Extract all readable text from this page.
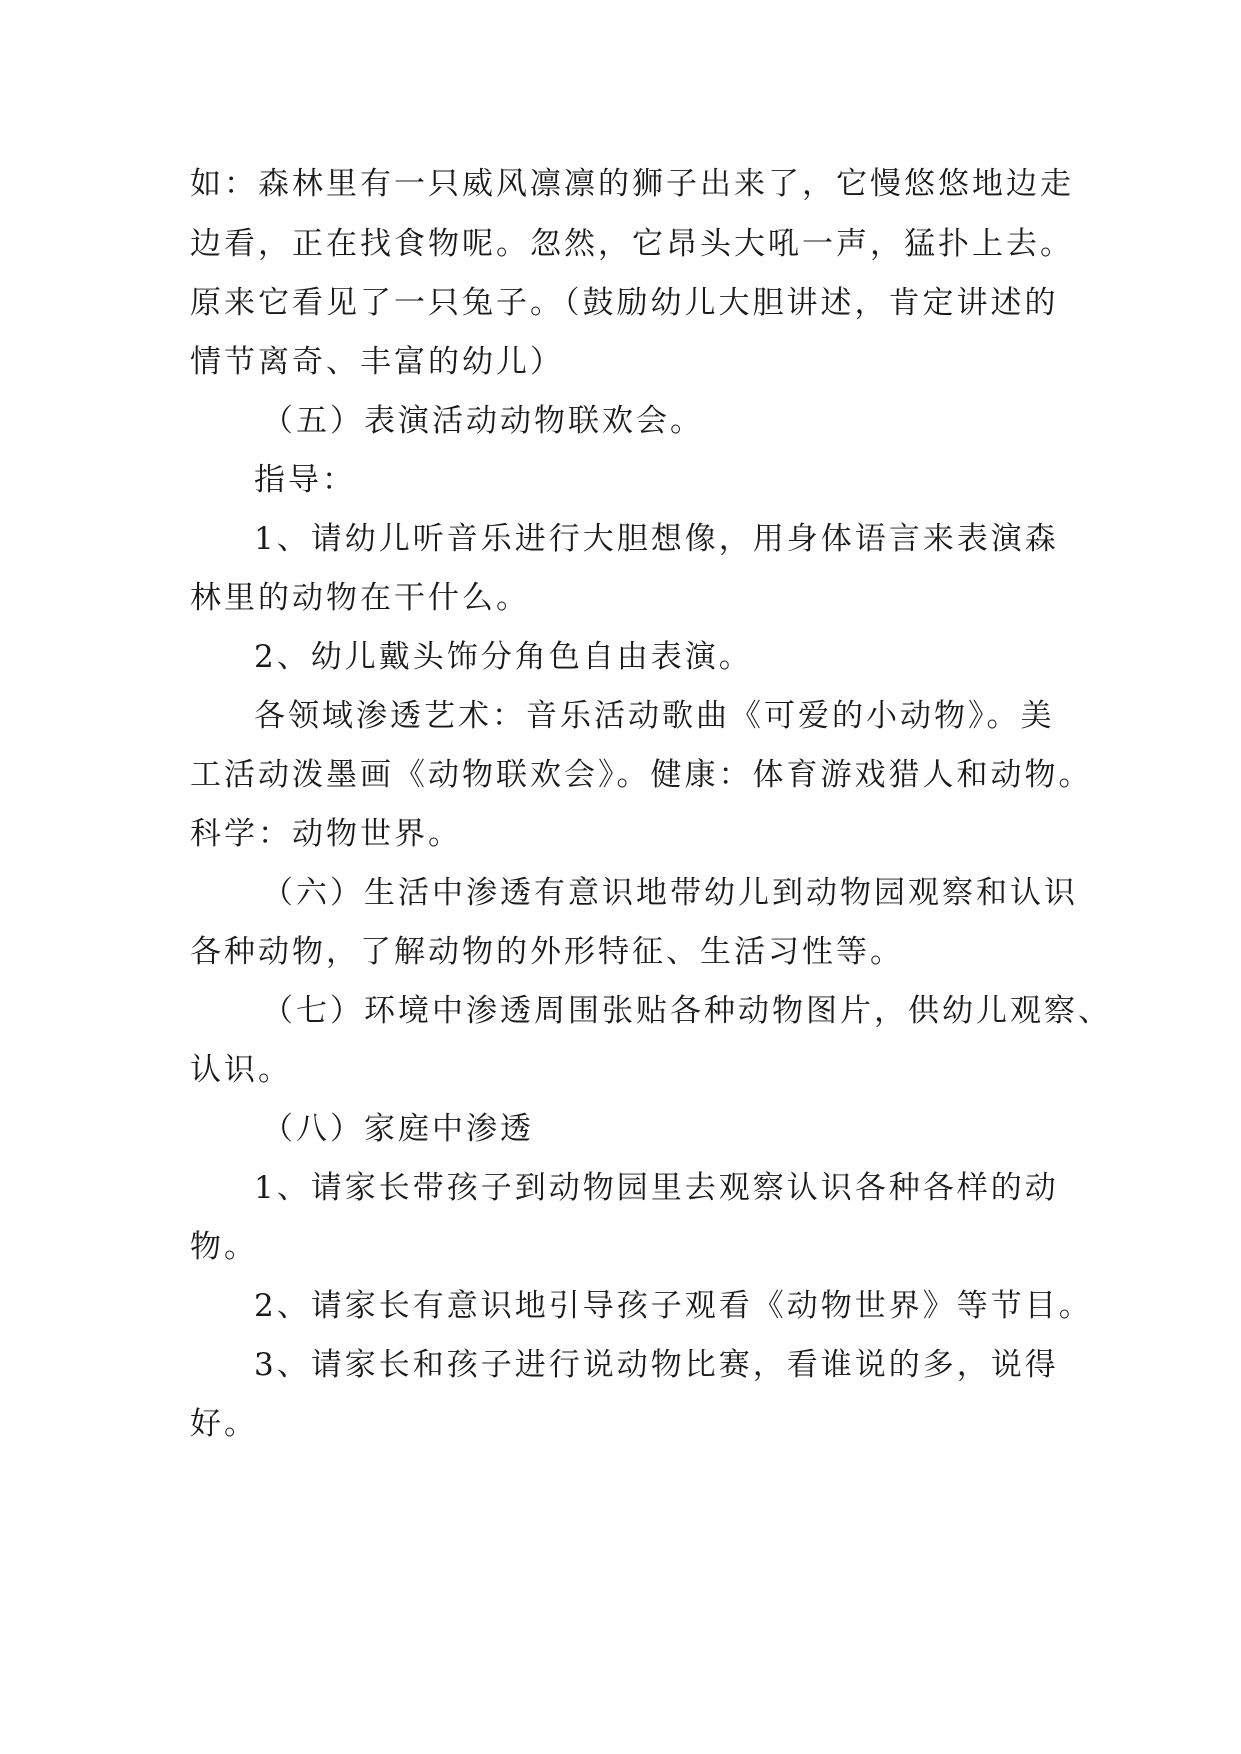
如：森林里有一只威风凛凛的狮子出来了，它慢悠悠地边走
边看，正在找食物呢。忽然，它昂头大吼一声，猛扑上去。
原来它看见了一只兔子。（鼓励幼儿大胆讲述，肯定讲述的
情节离奇、丰富的幼儿）
（五）表演活动动物联欢会。
指导：
1、请幼儿听音乐进行大胆想像，用身体语言来表演森
林里的动物在干什么。
2、幼儿戴头饰分角色自由表演。
各领域渗透艺术：音乐活动歌曲《可爱的小动物》。美
工活动泼墨画《动物联欢会》。健康：体育游戏猎人和动物。
科学：动物世界。
（六）生活中渗透有意识地带幼儿到动物园观察和认识
各种动物，了解动物的外形特征、生活习性等。
（七）环境中渗透周围张贴各种动物图片，供幼儿观察、
认识。
（八）家庭中渗透
1、请家长带孩子到动物园里去观察认识各种各样的动
物。
2、请家长有意识地引导孩子观看《动物世界》等节目。
3、请家长和孩子进行说动物比赛，看谁说的多，说得
好。
